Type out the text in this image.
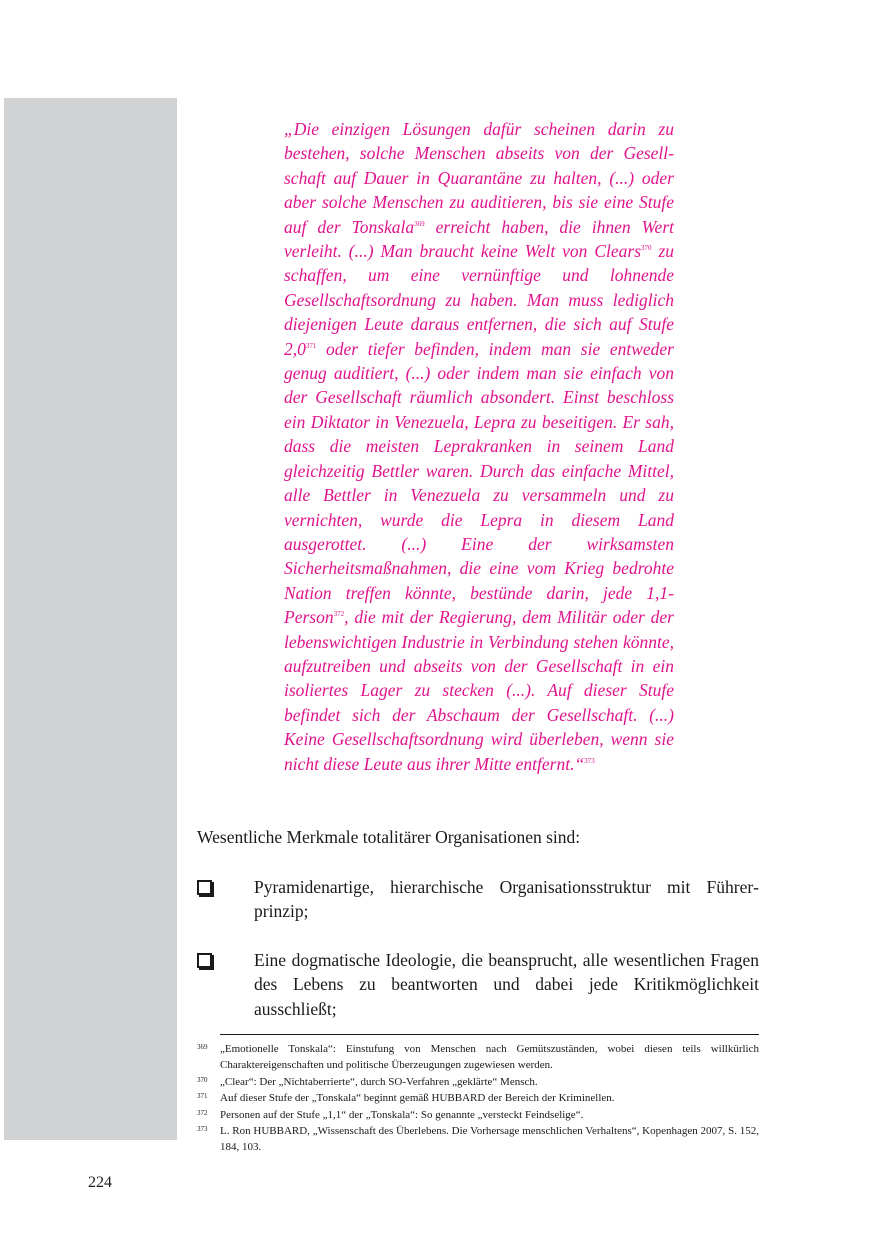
„Die einzigen Lösungen dafür scheinen darin zu bestehen, solche Menschen abseits von der Gesellschaft auf Dauer in Quarantäne zu halten, (...) oder aber solche Menschen zu auditieren, bis sie eine Stufe auf der Tonskala$^{369}$ erreicht haben, die ihnen Wert verleiht. (...) Man braucht keine Welt von Clears$^{370}$ zu schaffen, um eine vernünftige und lohnende Gesellschaftsordnung zu haben. Man muss lediglich diejenigen Leute daraus entfernen, die sich auf Stufe $2,0^{371}$ oder tiefer befinden, indem man sie entweder genug auditiert, (...) oder indem man sie einfach von der Gesellschaft räumlich absondert. Einst beschloss ein Diktator in Venezuela, Lepra zu beseitigen. Er sah, dass die meisten Leprakranken in seinem Land gleichzeitig Bettler waren. Durch das einfache Mittel, alle Bettler in Venezuela zu versammeln und zu vernichten, wurde die Lepra in diesem Land ausgerottet. (...) Eine der wirksamsten Sicherheitsmaßnahmen, die eine vom Krieg bedrohte Nation treffen könnte, bestünde darin, jede 1,1-Person$^{372}$, die mit der Regierung, dem Militär oder der lebenswichtigen Industrie in Verbindung stehen könnte, aufzutreiben und abseits von der Gesellschaft in ein isoliertes Lager zu stecken (...). Auf dieser Stufe befindet sich der Abschaum der Gesellschaft. (...) Keine Gesellschaftsordnung wird überleben, wenn sie nicht diese Leute aus ihrer Mitte entfernt.“$^{373}$
Wesentliche Merkmale totalitärer Organisationen sind:
Pyramidenartige, hierarchische Organisationsstruktur mit Führerprinzip;
Eine dogmatische Ideologie, die beansprucht, alle wesentlichen Fragen des Lebens zu beantworten und dabei jede Kritikmöglichkeit ausschließt;
369 „Emotionelle Tonskala“: Einstufung von Menschen nach Gemütszuständen, wobei diesen teils willkürlich Charaktereigenschaften und politische Überzeugungen zugewiesen werden.
370 „Clear“: Der „Nichtaberrierte“, durch SO-Verfahren „geklärte“ Mensch.
371 Auf dieser Stufe der „Tonskala“ beginnt gemäß HUBBARD der Bereich der Kriminellen.
372 Personen auf der Stufe „1,1“ der „Tonskala“: So genannte „versteckt Feindselige“.
373 L. Ron HUBBARD, „Wissenschaft des Überlebens. Die Vorhersage menschlichen Verhaltens“, Kopenhagen 2007, S. 152, 184, 103.
224
